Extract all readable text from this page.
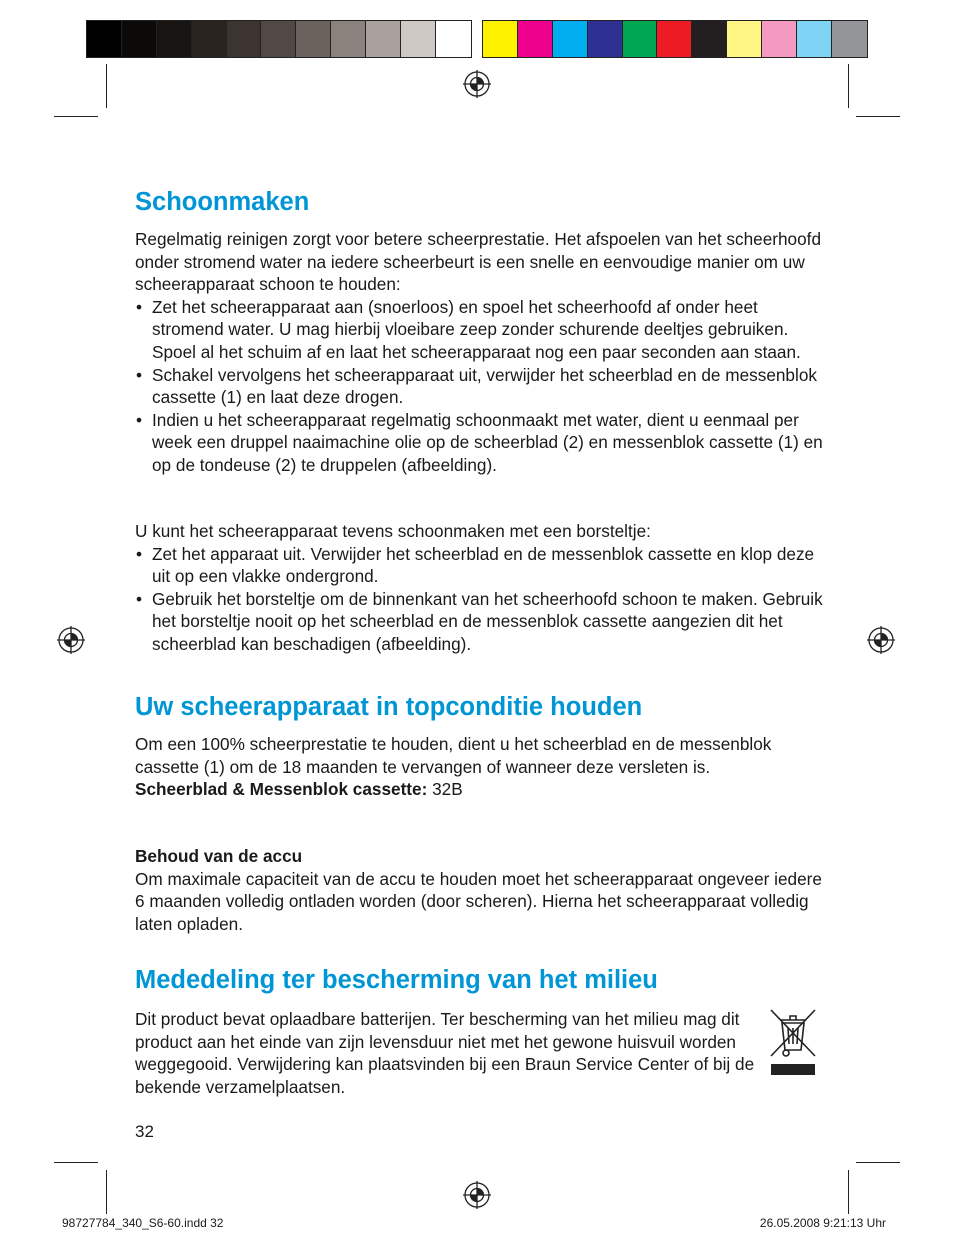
Schoonmaken

Regelmatig reinigen zorgt voor betere scheerprestatie. Het afspoelen van het scheerhoofd onder stromend water na iedere scheerbeurt is een snelle en eenvoudige manier om uw scheerapparaat schoon te houden:

• Zet het scheerapparaat aan (snoerloos) en spoel het scheerhoofd af onder heet stromend water. U mag hierbij vloeibare zeep zonder schurende deeltjes gebruiken. Spoel al het schuim af en laat het scheerapparaat nog een paar seconden aan staan.
• Schakel vervolgens het scheerapparaat uit, verwijder het scheerblad en de messenblok cassette (1) en laat deze drogen.
• Indien u het scheerapparaat regelmatig schoonmaakt met water, dient u eenmaal per week een druppel naaimachine olie op de scheerblad (2) en messenblok cassette (1) en op de tondeuse (2) te druppelen (afbeelding).

U kunt het scheerapparaat tevens schoonmaken met een borsteltje:

• Zet het apparaat uit. Verwijder het scheerblad en de messenblok cassette en klop deze uit op een vlakke ondergrond.
• Gebruik het borsteltje om de binnenkant van het scheerhoofd schoon te maken. Gebruik het borsteltje nooit op het scheerblad en de messenblok cassette aangezien dit het scheerblad kan beschadigen (afbeelding).
Uw scheerapparaat in topconditie houden

Om een 100% scheerprestatie te houden, dient u het scheerblad en de messenblok cassette (1) om de 18 maanden te vervangen of wanneer deze versleten is.

Scheerblad & Messenblok cassette: 32B

Behoud van de accu

Om maximale capaciteit van de accu te houden moet het scheerapparaat ongeveer iedere 6 maanden volledig ontladen worden (door scheren). Hierna het scheerapparaat volledig laten opladen.

Mededeling ter bescherming van het milieu

Dit product bevat oplaadbare batterijen. Ter bescherming van het milieu mag dit product aan het einde van zijn levensduur niet met het gewone huisvuil worden weggegooid. Verwijdering kan plaatsvinden bij een Braun Service Center of bij de bekende verzamelplaatsen.

32
98727784_340_S6-60.indd 32	26.05.2008 9:21:13 Uhr
